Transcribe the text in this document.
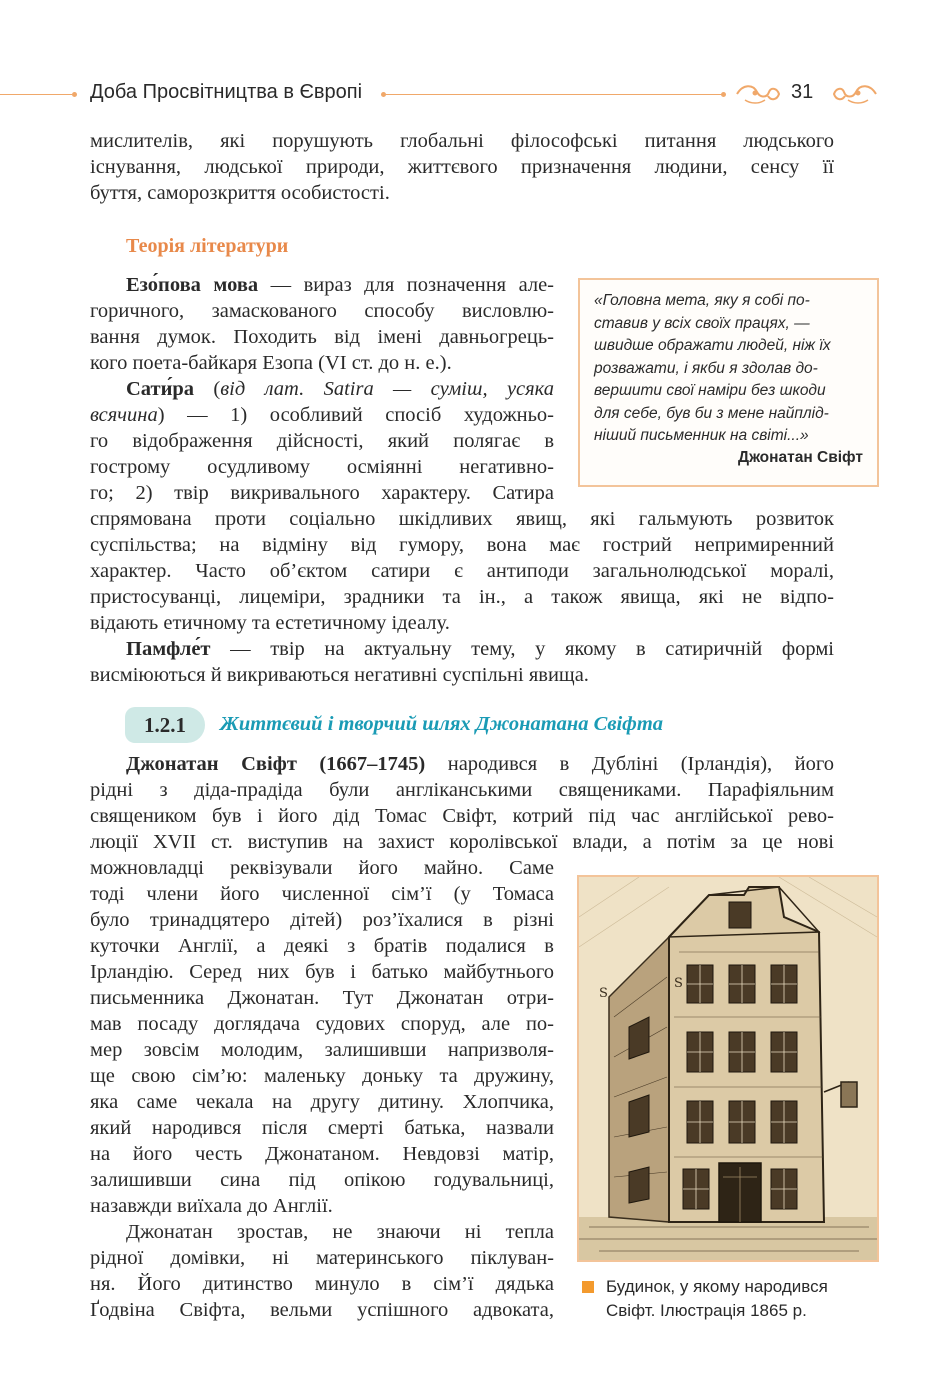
Доба Просвітництва в Європі	31
мислителів, які порушують глобальні філософські питання людського
існування, людської природи, життєвого призначення людини, сенсу її
буття, саморозкриття особистості.
Теорія літератури
Езо́пова мова — вираз для позначення але-
горичного, замаскованого способу висловлю-
вання думок. Походить від імені давньогрець-
кого поета-байкаря Езопа (VI ст. до н. е.).
Сати́ра (від лат. Satira — суміш, усяка
всячина) — 1) особливий спосіб художньо-
го відображення дійсності, який полягає в
гострому осудливому осміянні негативно-
го; 2) твір викривального характеру. Сатира
спрямована проти соціально шкідливих явищ, які гальмують розвиток
суспільства; на відміну від гумору, вона має гострий непримиренний
характер. Часто об’єктом сатири є антиподи загальнолюдської моралі,
пристосуванці, лицеміри, зрадники та ін., а також явища, які не відпо-
відають етичному та естетичному ідеалу.
Памфле́т — твір на актуальну тему, у якому в сатиричній формі
висміюються й викриваються негативні суспільні явища.

«Головна мета, яку я собі по-

ставив у всіх своїх працях, —

швидше ображати людей, ніж їх

розважати, і якби я здолав до-

вершити свої наміри без шкоди

для себе, був би з мене найплід-

ніший письменник на світі...»

Джонатан Свіфт
1.2.1	Життєвий і творчий шлях Джонатана Свіфта
Джонатан Свіфт (1667–1745) народився в Дубліні (Ірландія), його
рідні з діда-прадіда були англіканськими священиками. Парафіяльним
священиком був і його дід Томас Свіфт, котрий під час англійської рево-
люції XVII ст. виступив на захист королівської влади, а потім за це нові
можновладці реквізували його майно. Саме
тоді члени його численної сім’ї (у Томаса
було тринадцятеро дітей) роз’їхалися в різні
куточки Англії, а деякі з братів подалися в
Ірландію. Серед них був і батько майбутнього
письменника Джонатан. Тут Джонатан отри-
мав посаду доглядача судових споруд, але по-
мер зовсім молодим, залишивши напризволя-
ще свою сім’ю: маленьку доньку та дружину,
яка саме чекала на другу дитину. Хлопчика,
який народився після смерті батька, назвали
на його честь Джонатаном. Невдовзі матір,
залишивши сина під опікою годувальниці,
назавжди виїхала до Англії.
Джонатан зростав, не знаючи ні тепла
рідної домівки, ні материнського піклуван-
ня. Його дитинство минуло в сім’ї дядька
Ґодвіна Свіфта, вельми успішного адвоката,
S
S
Будинок, у якому народився
Свіфт. Ілюстрація 1865 р.
